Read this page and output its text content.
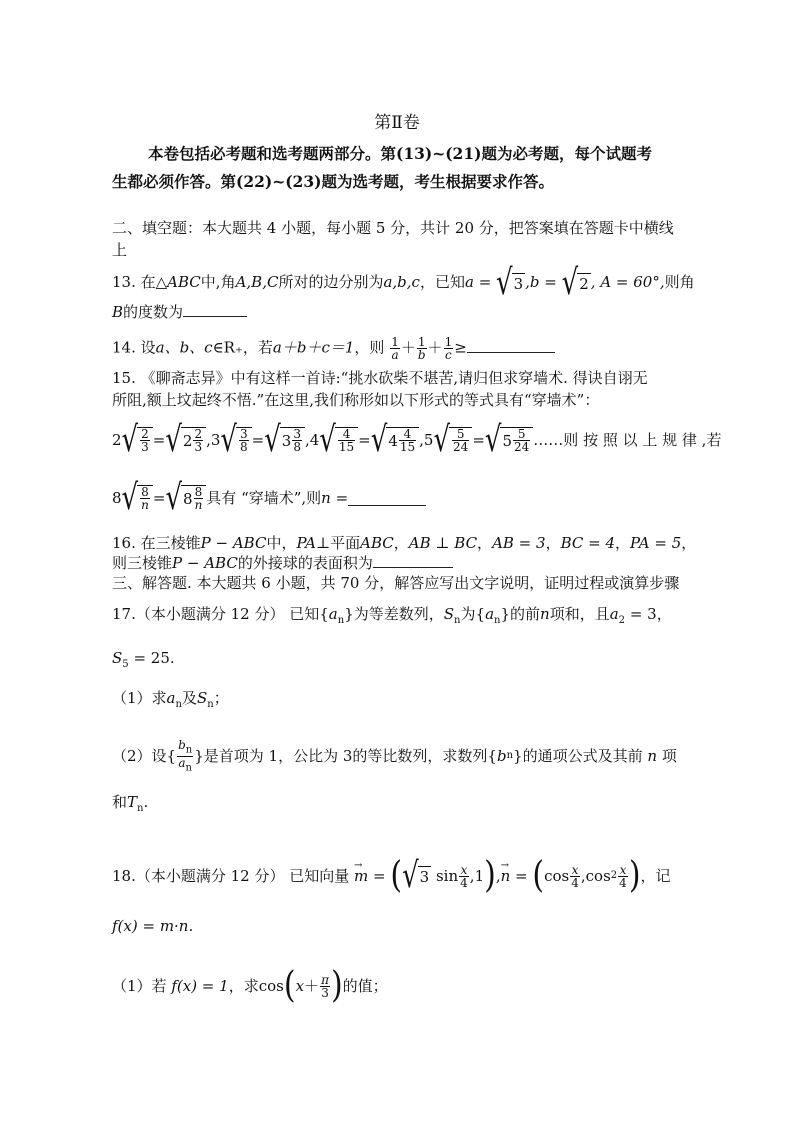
第Ⅱ卷
本卷包括必考题和选考题两部分。第(13)~(21)题为必考题，每个试题考
生都必须作答。第(22)~(23)题为选考题，考生根据要求作答。
二、填空题：本大题共 4 小题，每小题 5 分，共计 20 分，把答案填在答题卡中横线
上
13. 在△ABC中,角A,B,C所对的边分别为a,b,c，已知a = √ 3 ,b = √ 2 , A = 60°,则角
B的度数为
14. 设a、b、c∈R₊，若a＋b＋c＝1，则 $\frac{1}{a} + \frac{1}{b} + \frac{1}{c}$ ≥
15. 《聊斋志异》中有这样一首诗:“挑水砍柴不堪苦,请归但求穿墙术. 得诀自诩无
所阻,额上坟起终不悟.”在这里,我们称形如以下形式的等式具有“穿墙术”：
2 √ $\frac{2}{3}$ = √ $2 \frac{2}{3} ,3$ √ $\frac{3}{8}$ = √ $3 \frac{3}{8} ,4$ √ $\frac{4}{15}$ = √ $4 \frac{4}{15} ,5$ √ $\frac{5}{24}$ = √ $5 \frac{5}{24}$ ……则 按 照 以 上 规 律 ,若
8 √ $\frac{8}{n}$ = √ $8 \frac{8}{n}$ 具有 “穿墙术”,则 n =
16. 在三棱锥P − ABC中，PA⊥平面ABC，AB ⊥ BC，AB = 3，BC = 4，PA = 5，
则三棱锥P − ABC的外接球的表面积为
三、解答题. 本大题共 6 小题，共 70 分，解答应写出文字说明，证明过程或演算步骤
17.（本小题满分 12 分） 已知$\{a_n\}$为等差数列，$S_n$为$\{a_n\}$的前n项和，且$a_2 = 3$，
$S_5 = 25$.
（1）求$a_n$及$S_n$；
（2）设 { $\frac{b_n}{a_n}$ } 是首项为 1，公比为 3的等比数列，求数列 { b n } 的通项公式及其前
n
项
和$T_n$.
18.（本小题满分 12 分） 已知向量
→ m = ( √ 3 $\sin \frac{x}{4} ,1$ ) , → n = ( $\cos \frac{x}{4} ,\cos$ $2 \frac{x}{4}$ ) ，记
f(x) = m·n.
（1）若
f(x) = 1 ，求 cos ( $x + \frac{\pi}{3}$ ) 的值；
